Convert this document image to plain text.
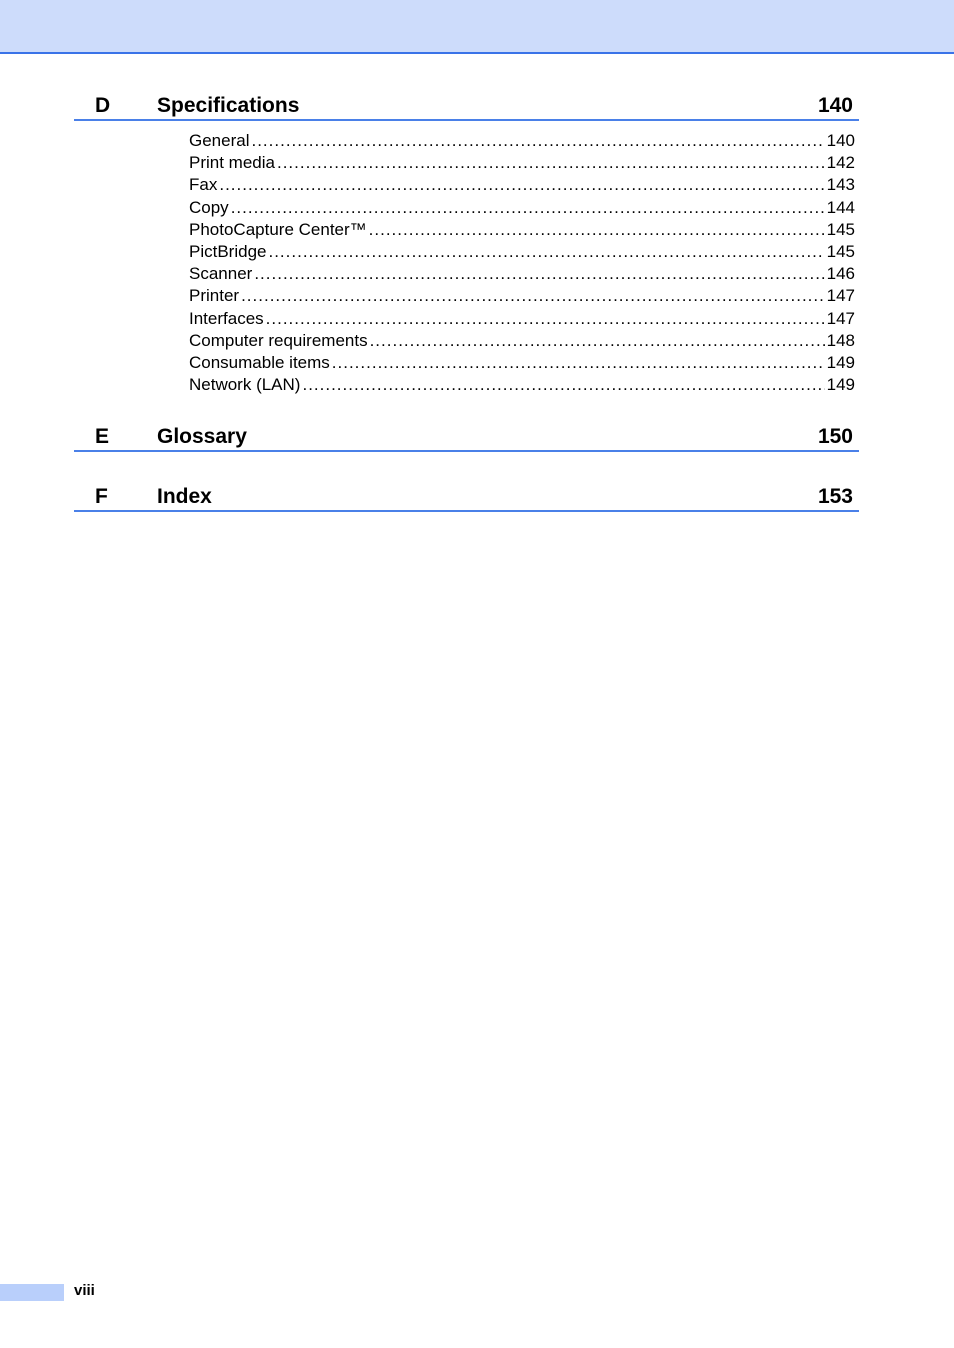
D	Specifications	140
General .....	140
Print media .....	142
Fax .....	143
Copy .....	144
PhotoCapture Center™ .....	145
PictBridge .....	145
Scanner .....	146
Printer .....	147
Interfaces .....	147
Computer requirements .....	148
Consumable items .....	149
Network (LAN) .....	149
E	Glossary	150
F	Index	153
viii
